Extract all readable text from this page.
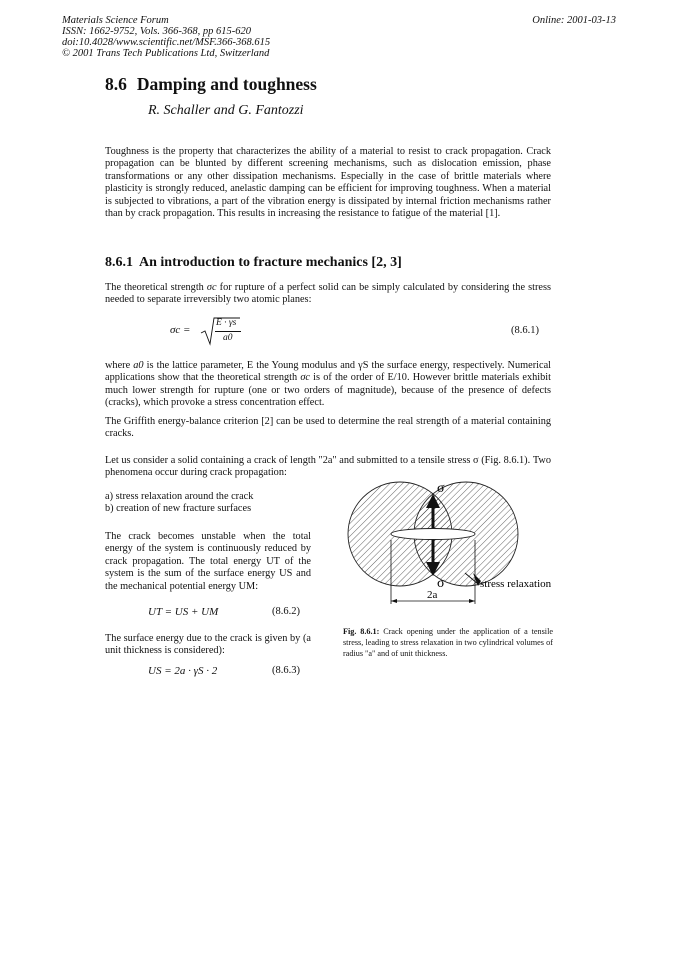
Materials Science Forum
ISSN: 1662-9752, Vols. 366-368, pp 615-620
doi:10.4028/www.scientific.net/MSF.366-368.615
© 2001 Trans Tech Publications Ltd, Switzerland
Online: 2001-03-13
8.6 Damping and toughness
R. Schaller and G. Fantozzi
Toughness is the property that characterizes the ability of a material to resist to crack propagation. Crack propagation can be blunted by different screening mechanisms, such as dislocation emission, phase transformations or any other dissipation mechanisms. Especially in the case of brittle materials where plasticity is strongly reduced, anelastic damping can be efficient for improving toughness. When a material is subjected to vibrations, a part of the vibration energy is dissipated by internal friction mechanisms rather than by crack propagation. This results in increasing the resistance to fatigue of the material [1].
8.6.1 An introduction to fracture mechanics [2, 3]
The theoretical strength σc for rupture of a perfect solid can be simply calculated by considering the stress needed to separate irreversibly two atomic planes:
σc =
E · γs
a0
(8.6.1)
where a0 is the lattice parameter, E the Young modulus and γS the surface energy, respectively. Numerical applications show that the theoretical strength σc is of the order of E/10. However brittle materials exhibit much lower strength for rupture (one or two orders of magnitude), because of the presence of defects (cracks), which provoke a stress concentration effect.
The Griffith energy-balance criterion [2] can be used to determine the real strength of a material containing cracks.
Let us consider a solid containing a crack of length "2a" and submitted to a tensile stress σ (Fig. 8.6.1). Two phenomena occur during crack propagation:
a) stress relaxation around the crack
b) creation of new fracture surfaces
The crack becomes unstable when the total energy of the system is continuously reduced by crack propagation. The total energy UT of the system is the sum of the surface energy US and the mechanical potential energy UM:
UT = US + UM	(8.6.2)
The surface energy due to the crack is given by (a unit thickness is considered):
US = 2a · γS · 2	(8.6.3)
σ
σ	stress relaxation
2a
Fig. 8.6.1: Crack opening under the application of a tensile stress, leading to stress relaxation in two cylindrical volumes of radius "a" and of unit thickness.
